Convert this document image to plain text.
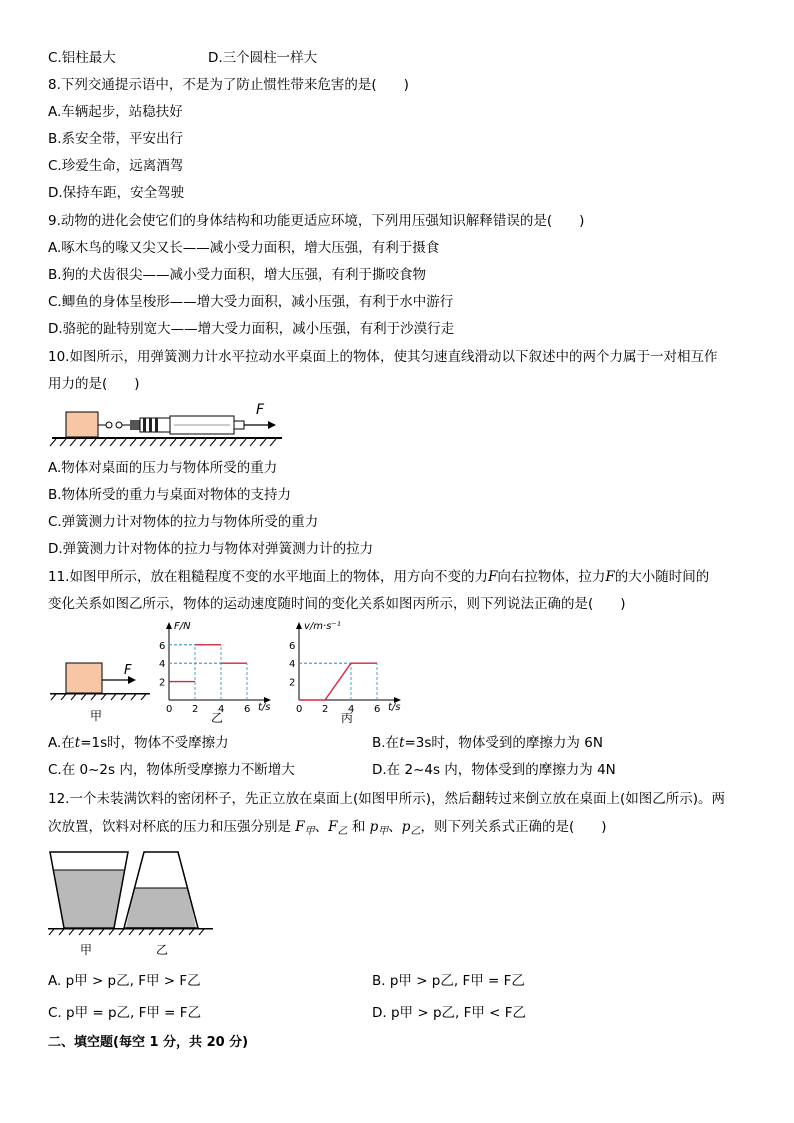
C.铝柱最大	D.三个圆柱一样大
8.下列交通提示语中，不是为了防止惯性带来危害的是(　　)
A.车辆起步，站稳扶好
B.系安全带，平安出行
C.珍爱生命，远离酒驾
D.保持车距，安全驾驶
9.动物的进化会使它们的身体结构和功能更适应环境，下列用压强知识解释错误的是(　　)
A.啄木鸟的喙又尖又长——减小受力面积，增大压强，有利于摄食
B.狗的犬齿很尖——减小受力面积，增大压强，有利于撕咬食物
C.鲫鱼的身体呈梭形——增大受力面积，减小压强，有利于水中游行
D.骆驼的趾特别宽大——增大受力面积，减小压强，有利于沙漠行走
10.如图所示，用弹簧测力计水平拉动水平桌面上的物体，使其匀速直线滑动以下叙述中的两个力属于一对相互作
用力的是(　　)
F
A.物体对桌面的压力与物体所受的重力
B.物体所受的重力与桌面对物体的支持力
C.弹簧测力计对物体的拉力与物体所受的重力
D.弹簧测力计对物体的拉力与物体对弹簧测力计的拉力
11.如图甲所示，放在粗糙程度不变的水平地面上的物体，用方向不变的力F向右拉物体，拉力F的大小随时间的
变化关系如图乙所示，物体的运动速度随时间的变化关系如图丙所示，则下列说法正确的是(　　)
F
甲
F/N
t/s
2
4
6
0 2 4 6
乙
v/m·s⁻¹
t/s
2
4
6
0 2 4 6
丙
A.在t=1s时，物体不受摩擦力	B.在t=3s时，物体受到的摩擦力为 6N
C.在 0~2s 内，物体所受摩擦力不断增大	D.在 2~4s 内，物体受到的摩擦力为 4N
12.一个未装满饮料的密闭杯子，先正立放在桌面上(如图甲所示)，然后翻转过来倒立放在桌面上(如图乙所示)。两
次放置，饮料对杯底的压力和压强分别是 $F_甲$、$F_乙$ 和 $p_甲$、$p_乙$，则下列关系式正确的是(　　)
甲	乙
A. p甲 > p乙, F甲 > F乙	B. p甲 > p乙, F甲 = F乙
C. p甲 = p乙, F甲 = F乙	D. p甲 > p乙, F甲 < F乙
二、填空题(每空 1 分，共 20 分)
